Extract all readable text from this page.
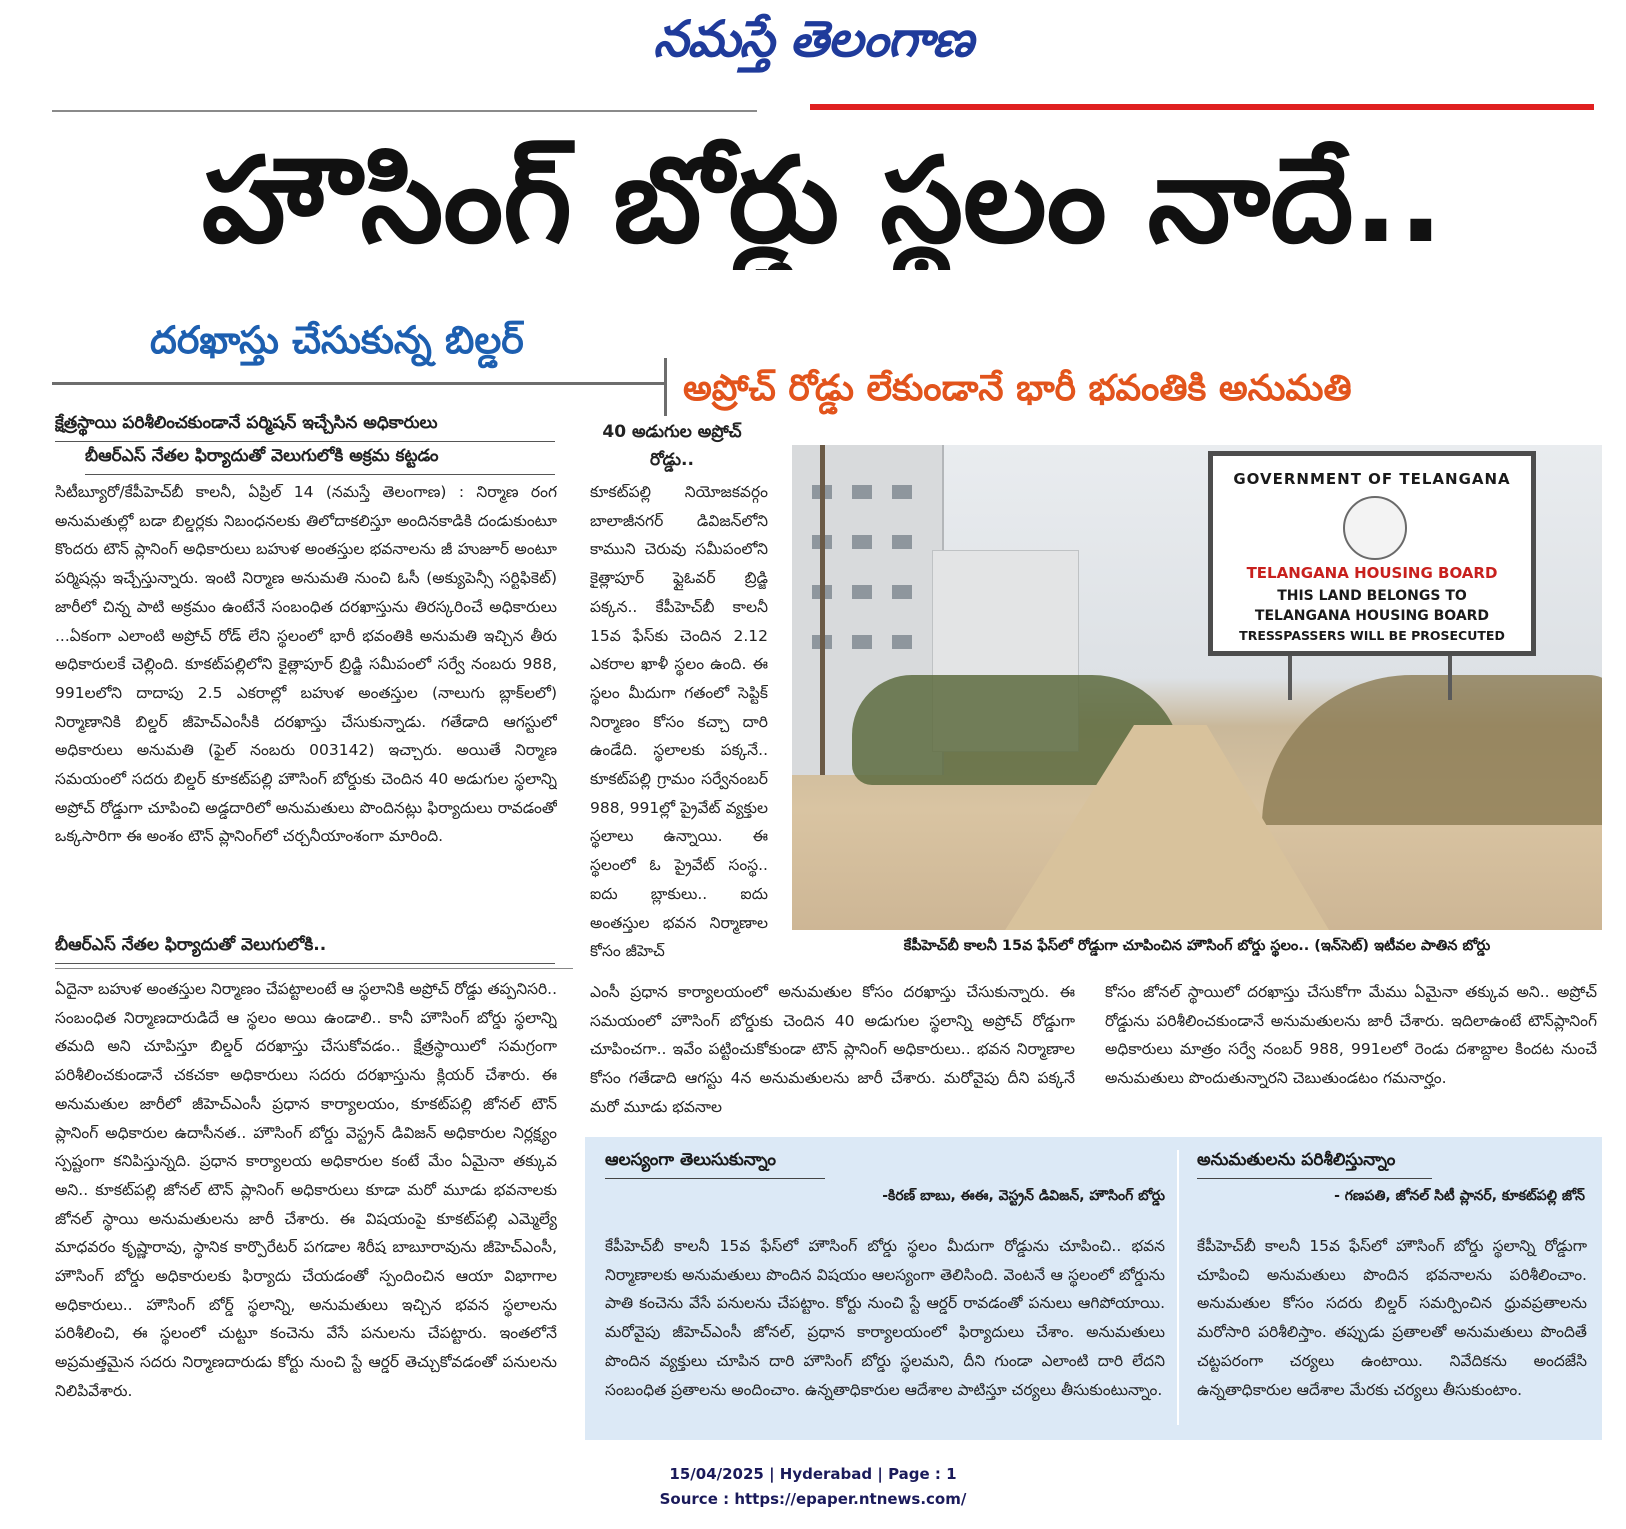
నమస్తే తెలంగాణ
హౌసింగ్ బోర్డు స్థలం నాదే..
దరఖాస్తు చేసుకున్న బిల్డర్
అప్రోచ్ రోడ్డు లేకుండానే భారీ భవంతికి అనుమతి
క్షేత్రస్థాయి పరిశీలించకుండానే పర్మిషన్ ఇచ్చేసిన అధికారులు
బీఆర్ఎస్ నేతల ఫిర్యాదుతో వెలుగులోకి అక్రమ కట్టడం
సిటీబ్యూరో/కేపీహెచ్‌బీ కాలనీ, ఏప్రిల్ 14 (నమస్తే తెలంగాణ) : నిర్మాణ రంగ అనుమతుల్లో బడా బిల్డర్లకు నిబంధనలకు తిలోదాకలిస్తూ అందినకాడికి దండుకుంటూ కొందరు టౌన్ ప్లానింగ్ అధికారులు బహుళ అంతస్తుల భవనాలను జీ హుజూర్ అంటూ పర్మిషన్లు ఇచ్చేస్తున్నారు. ఇంటి నిర్మాణ అనుమతి నుంచి ఓసీ (అక్యుపెన్సీ సర్టిఫికెట్) జారీలో చిన్న పాటి అక్రమం ఉంటేనే సంబంధిత దరఖాస్తును తిరస్కరించే అధికారులు ...ఏకంగా ఎలాంటి అప్రోచ్ రోడ్ లేని స్థలంలో భారీ భవంతికి అనుమతి ఇచ్చిన తీరు అధికారులకే చెల్లింది. కూకట్‌పల్లిలోని కైత్లాపూర్ బ్రిడ్జి సమీపంలో సర్వే నంబరు 988, 991లలోని దాదాపు 2.5 ఎకరాల్లో బహుళ అంతస్తుల (నాలుగు బ్లాక్‌లలో) నిర్మాణానికి బిల్డర్ జీహెచ్ఎంసీకి దరఖాస్తు చేసుకున్నాడు. గతేడాది ఆగస్టులో అధికారులు అనుమతి (ఫైల్ నంబరు 003142) ఇచ్చారు. అయితే నిర్మాణ సమయంలో సదరు బిల్డర్ కూకట్‌పల్లి హౌసింగ్ బోర్డుకు చెందిన 40 అడుగుల స్థలాన్ని అప్రోచ్ రోడ్డుగా చూపించి అడ్డదారిలో అనుమతులు పొందినట్లు ఫిర్యాదులు రావడంతో ఒక్కసారిగా ఈ అంశం టౌన్ ప్లానింగ్‌లో చర్చనీయాంశంగా మారింది.
బీఆర్ఎస్ నేతల ఫిర్యాదుతో వెలుగులోకి..
ఏదైనా బహుళ అంతస్తుల నిర్మాణం చేపట్టాలంటే ఆ స్థలానికి అప్రోచ్ రోడ్డు తప్పనిసరి.. సంబంధిత నిర్మాణదారుడిదే ఆ స్థలం అయి ఉండాలి.. కానీ హౌసింగ్ బోర్డు స్థలాన్ని తమది అని చూపిస్తూ బిల్డర్ దరఖాస్తు చేసుకోవడం.. క్షేత్రస్థాయిలో సమగ్రంగా పరిశీలించకుండానే చకచకా అధికారులు సదరు దరఖాస్తును క్లియర్ చేశారు. ఈ అనుమతుల జారీలో జీహెచ్ఎంసీ ప్రధాన కార్యాలయం, కూకట్‌పల్లి జోనల్ టౌన్ ప్లానింగ్ అధికారుల ఉదాసీనత.. హౌసింగ్ బోర్డు వెస్ట్రన్ డివిజన్ అధికారుల నిర్లక్ష్యం స్పష్టంగా కనిపిస్తున్నది. ప్రధాన కార్యాలయ అధికారుల కంటే మేం ఏమైనా తక్కువ అని.. కూకట్‌పల్లి జోనల్ టౌన్ ప్లానింగ్ అధికారులు కూడా మరో మూడు భవనాలకు జోనల్ స్థాయి అనుమతులను జారీ చేశారు. ఈ విషయంపై కూకట్‌పల్లి ఎమ్మెల్యే మాధవరం కృష్ణారావు, స్థానిక కార్పొరేటర్ పగడాల శిరీష బాబూరావును జీహెచ్ఎంసీ, హౌసింగ్ బోర్డు అధికారులకు ఫిర్యాదు చేయడంతో స్పందించిన ఆయా విభాగాల అధికారులు.. హౌసింగ్ బోర్డ్ స్థలాన్ని, అనుమతులు ఇచ్చిన భవన స్థలాలను పరిశీలించి, ఈ స్థలంలో చుట్టూ కంచెను వేసే పనులను చేపట్టారు. ఇంతలోనే అప్రమత్తమైన సదరు నిర్మాణదారుడు కోర్టు నుంచి స్టే ఆర్డర్ తెచ్చుకోవడంతో పనులను నిలిపివేశారు.
40 అడుగుల అప్రోచ్ రోడ్డు..
కూకట్‌పల్లి నియోజకవర్గం బాలాజీనగర్ డివిజన్‌లోని కాముని చెరువు సమీపంలోని కైత్లాపూర్ ఫ్లైఓవర్ బ్రిడ్జి పక్కన.. కేపీహెచ్‌బీ కాలనీ 15వ ఫేస్‌కు చెందిన 2.12 ఎకరాల ఖాళీ స్థలం ఉంది. ఈ స్థలం మీదుగా గతంలో సెప్టిక్ నిర్మాణం కోసం కచ్చా దారి ఉండేది. స్థలాలకు పక్కనే.. కూకట్‌పల్లి గ్రామం సర్వేనంబర్ 988, 991ల్లో ప్రైవేట్ వ్యక్తుల స్థలాలు ఉన్నాయి. ఈ స్థలంలో ఓ ప్రైవేట్ సంస్థ.. ఐదు బ్లాకులు.. ఐదు అంతస్తుల భవన నిర్మాణాల కోసం జీహెచ్
GOVERNMENT OF TELANGANA
TELANGANA HOUSING BOARD
THIS LAND BELONGS TO
TELANGANA HOUSING BOARD
TRESSPASSERS WILL BE PROSECUTED
కేపీహెచ్‌బీ కాలనీ 15వ ఫేస్‌లో రోడ్డుగా చూపించిన హౌసింగ్ బోర్డు స్థలం.. (ఇన్‌సెట్) ఇటీవల పాతిన బోర్డు
ఎంసీ ప్రధాన కార్యాలయంలో అనుమతుల కోసం దరఖాస్తు చేసుకున్నారు. ఈ సమయంలో హౌసింగ్ బోర్డుకు చెందిన 40 అడుగుల స్థలాన్ని అప్రోచ్ రోడ్డుగా చూపించగా.. ఇవేం పట్టించుకోకుండా టౌన్ ప్లానింగ్ అధికారులు.. భవన నిర్మాణాల కోసం గతేడాది ఆగస్టు 4న అనుమతులను జారీ చేశారు. మరోవైపు దీని పక్కనే మరో మూడు భవనాల
కోసం జోనల్ స్థాయిలో దరఖాస్తు చేసుకోగా మేము ఏమైనా తక్కువ అని.. అప్రోచ్ రోడ్డును పరిశీలించకుండానే అనుమతులను జారీ చేశారు. ఇదిలాఉంటే టౌన్‌ప్లానింగ్ అధికారులు మాత్రం సర్వే నంబర్ 988, 991లలో రెండు దశాబ్దాల కిందట నుంచే అనుమతులు పొందుతున్నారని చెబుతుండటం గమనార్హం.
ఆలస్యంగా తెలుసుకున్నాం
-కిరణ్ బాబు, ఈఈ, వెస్ట్రన్ డివిజన్, హౌసింగ్ బోర్డు
కేపీహెచ్‌బీ కాలనీ 15వ ఫేస్‌లో హౌసింగ్ బోర్డు స్థలం మీదుగా రోడ్డును చూపించి.. భవన నిర్మాణాలకు అనుమతులు పొందిన విషయం ఆలస్యంగా తెలిసింది. వెంటనే ఆ స్థలంలో బోర్డును పాతి కంచెను వేసే పనులను చేపట్టాం. కోర్టు నుంచి స్టే ఆర్డర్ రావడంతో పనులు ఆగిపోయాయి. మరోవైపు జీహెచ్ఎంసీ జోనల్, ప్రధాన కార్యాలయంలో ఫిర్యాదులు చేశాం. అనుమతులు పొందిన వ్యక్తులు చూపిన దారి హౌసింగ్ బోర్డు స్థలమని, దీని గుండా ఎలాంటి దారి లేదని సంబంధిత ప్రతాలను అందించాం. ఉన్నతాధికారుల ఆదేశాల పాటిస్తూ చర్యలు తీసుకుంటున్నాం.
అనుమతులను పరిశీలిస్తున్నాం
- గణపతి, జోనల్ సిటీ ప్లానర్, కూకట్‌పల్లి జోన్
కేపీహెచ్‌బీ కాలనీ 15వ ఫేస్‌లో హౌసింగ్ బోర్డు స్థలాన్ని రోడ్డుగా చూపించి అనుమతులు పొందిన భవనాలను పరిశీలించాం. అనుమతుల కోసం సదరు బిల్డర్ సమర్పించిన ధ్రువప్రతాలను మరోసారి పరిశీలిస్తాం. తప్పుడు ప్రతాలతో అనుమతులు పొందితే చట్టపరంగా చర్యలు ఉంటాయి. నివేదికను అందజేసి ఉన్నతాధికారుల ఆదేశాల మేరకు చర్యలు తీసుకుంటాం.
15/04/2025 | Hyderabad | Page : 1
Source : https://epaper.ntnews.com/
